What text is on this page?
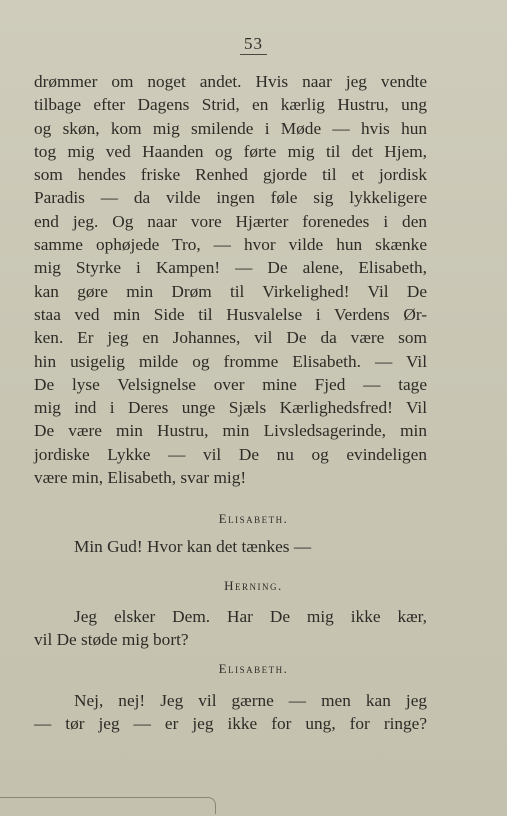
53
drømmer om noget andet. Hvis naar jeg vendte
tilbage efter Dagens Strid, en kærlig Hustru, ung
og skøn, kom mig smilende i Møde — hvis hun
tog mig ved Haanden og førte mig til det Hjem,
som hendes friske Renhed gjorde til et jordisk
Paradis — da vilde ingen føle sig lykkeligere
end jeg. Og naar vore Hjærter forenedes i den
samme ophøjede Tro, — hvor vilde hun skænke
mig Styrke i Kampen! — De alene, Elisabeth,
kan gøre min Drøm til Virkelighed! Vil De
staa ved min Side til Husvalelse i Verdens Ør-
ken. Er jeg en Johannes, vil De da være som
hin usigelig milde og fromme Elisabeth. — Vil
De lyse Velsignelse over mine Fjed — tage
mig ind i Deres unge Sjæls Kærlighedsfred! Vil
De være min Hustru, min Livsledsagerinde, min
jordiske Lykke — vil De nu og evindeligen
være min, Elisabeth, svar mig!
Elisabeth.
Min Gud! Hvor kan det tænkes —
Herning.
Jeg elsker Dem. Har De mig ikke kær,
vil De støde mig bort?
Elisabeth.
Nej, nej! Jeg vil gærne — men kan jeg
— tør jeg — er jeg ikke for ung, for ringe?
